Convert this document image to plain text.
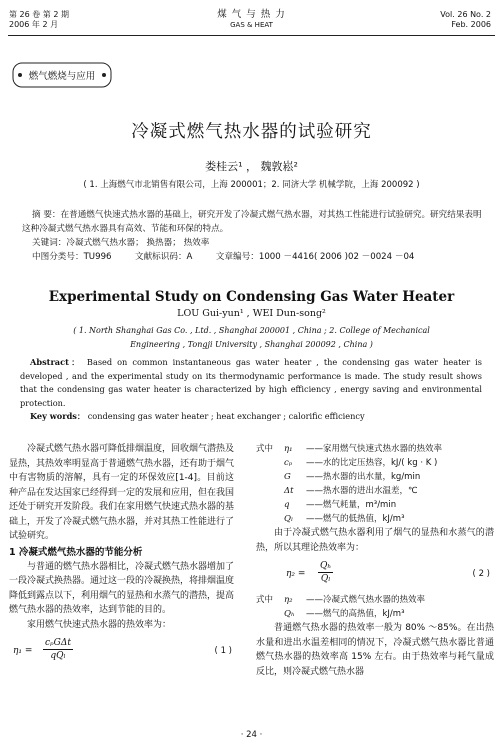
第 26 卷 第 2 期
2006 年 2 月
煤 气 与 热 力
GAS & HEAT
Vol. 26 No. 2
Feb. 2006
燃气燃烧与应用
冷凝式燃气热水器的试验研究
娄桂云¹ ， 魏敦崧²
( 1. 上海燃气市北销售有限公司，上海 200001；2. 同济大学 机械学院，上海 200092 )
摘 要：在普通燃气快速式热水器的基础上，研究开发了冷凝式燃气热水器，对其热工性能进行试验研究。研究结果表明这种冷凝式燃气热水器具有高效、节能和环保的特点。
关键词：冷凝式燃气热水器； 换热器； 热效率
中图分类号：TU996	文献标识码：A	文章编号：1000 －4416( 2006 )02 －0024 －04
Experimental Study on Condensing Gas Water Heater
LOU Gui-yun¹ , WEI Dun-song²
( 1. North Shanghai Gas Co. , Ltd. , Shanghai 200001 , China ; 2. College of Mechanical
Engineering , Tongji University , Shanghai 200092 , China )
Abstract： Based on common instantaneous gas water heater , the condensing gas water heater is developed , and the experimental study on its thermodynamic performance is made. The study result shows that the condensing gas water heater is characterized by high efficiency , energy saving and environmental protection.
Key words： condensing gas water heater ; heat exchanger ; calorific efficiency
冷凝式燃气热水器可降低排烟温度，回收烟气潜热及显热，其热效率明显高于普通燃气热水器，还有助于烟气中有害物质的溶解，具有一定的环保效应[1-4]。目前这种产品在发达国家已经得到一定的发展和应用，但在我国还处于研究开发阶段。我们在家用燃气快速式热水器的基础上，开发了冷凝式燃气热水器，并对其热工性能进行了试验研究。
1 冷凝式燃气热水器的节能分析
与普通的燃气热水器相比，冷凝式燃气热水器增加了一段冷凝式换热器。通过这一段的冷凝换热，将排烟温度降低到露点以下，利用烟气的显热和水蒸气的潜热，提高燃气热水器的热效率，达到节能的目的。
家用燃气快速式热水器的热效率为：
η₁ =
cₚGΔt
qQₗ	( 1 )
式中 η₁ ——家用燃气快速式热水器的热效率
cₚ ——水的比定压热容，kJ/( kg · K )
G ——热水器的出水量，kg/min
Δt ——热水器的进出水温差，℃
q ——燃气耗量，m³/min
Qₗ ——燃气的低热值，kJ/m³
由于冷凝式燃气热水器利用了烟气的显热和水蒸气的潜热，所以其理论热效率为：
$\eta_2 = \frac{\text{Qₕ}}{\text{Qₗ}}$	( 2 )
式中 η₂ ——冷凝式燃气热水器的热效率
Qₕ ——燃气的高热值，kJ/m³
普通燃气热水器的热效率一般为 80% ～85%。在出热水量和进出水温差相同的情况下，冷凝式燃气热水器比普通燃气热水器的热效率高 15% 左右。由于热效率与耗气量成反比，则冷凝式燃气热水器
· 24 ·
